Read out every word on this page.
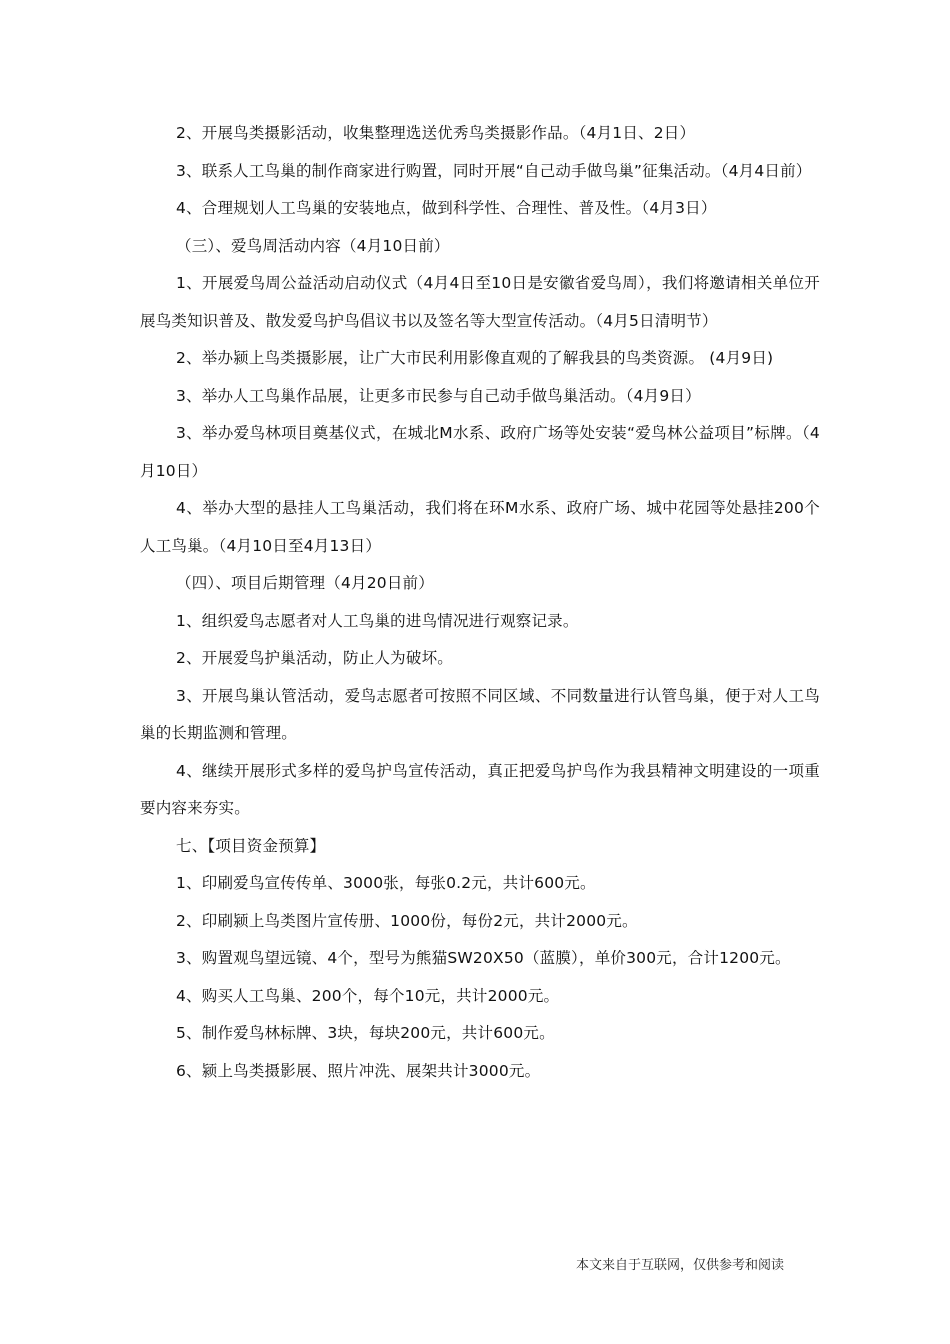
2、开展鸟类摄影活动，收集整理选送优秀鸟类摄影作品。（4月1日、2日）

3、联系人工鸟巢的制作商家进行购置，同时开展“自己动手做鸟巢”征集活动。（4月4日前）

4、合理规划人工鸟巢的安装地点，做到科学性、合理性、普及性。（4月3日）

（三）、爱鸟周活动内容（4月10日前）

1、开展爱鸟周公益活动启动仪式（4月4日至10日是安徽省爱鸟周），我们将邀请相关单位开展鸟类知识普及、散发爱鸟护鸟倡议书以及签名等大型宣传活动。（4月5日清明节）

2、举办颍上鸟类摄影展，让广大市民利用影像直观的了解我县的鸟类资源。 (4月9日)

3、举办人工鸟巢作品展，让更多市民参与自己动手做鸟巢活动。（4月9日）

3、举办爱鸟林项目奠基仪式，在城北M水系、政府广场等处安装“爱鸟林公益项目”标牌。（4月10日）

4、举办大型的悬挂人工鸟巢活动，我们将在环M水系、政府广场、城中花园等处悬挂200个人工鸟巢。（4月10日至4月13日）

（四）、项目后期管理（4月20日前）

1、组织爱鸟志愿者对人工鸟巢的进鸟情况进行观察记录。

2、开展爱鸟护巢活动，防止人为破坏。

3、开展鸟巢认管活动，爱鸟志愿者可按照不同区域、不同数量进行认管鸟巢，便于对人工鸟巢的长期监测和管理。

4、继续开展形式多样的爱鸟护鸟宣传活动，真正把爱鸟护鸟作为我县精神文明建设的一项重要内容来夯实。

七、【项目资金预算】

1、印刷爱鸟宣传传单、3000张，每张0.2元，共计600元。

2、印刷颍上鸟类图片宣传册、1000份，每份2元，共计2000元。

3、购置观鸟望远镜、4个，型号为熊猫SW20X50（蓝膜），单价300元，合计1200元。

4、购买人工鸟巢、200个，每个10元，共计2000元。

5、制作爱鸟林标牌、3块，每块200元，共计600元。

6、颍上鸟类摄影展、照片冲洗、展架共计3000元。

本文来自于互联网，仅供参考和阅读
